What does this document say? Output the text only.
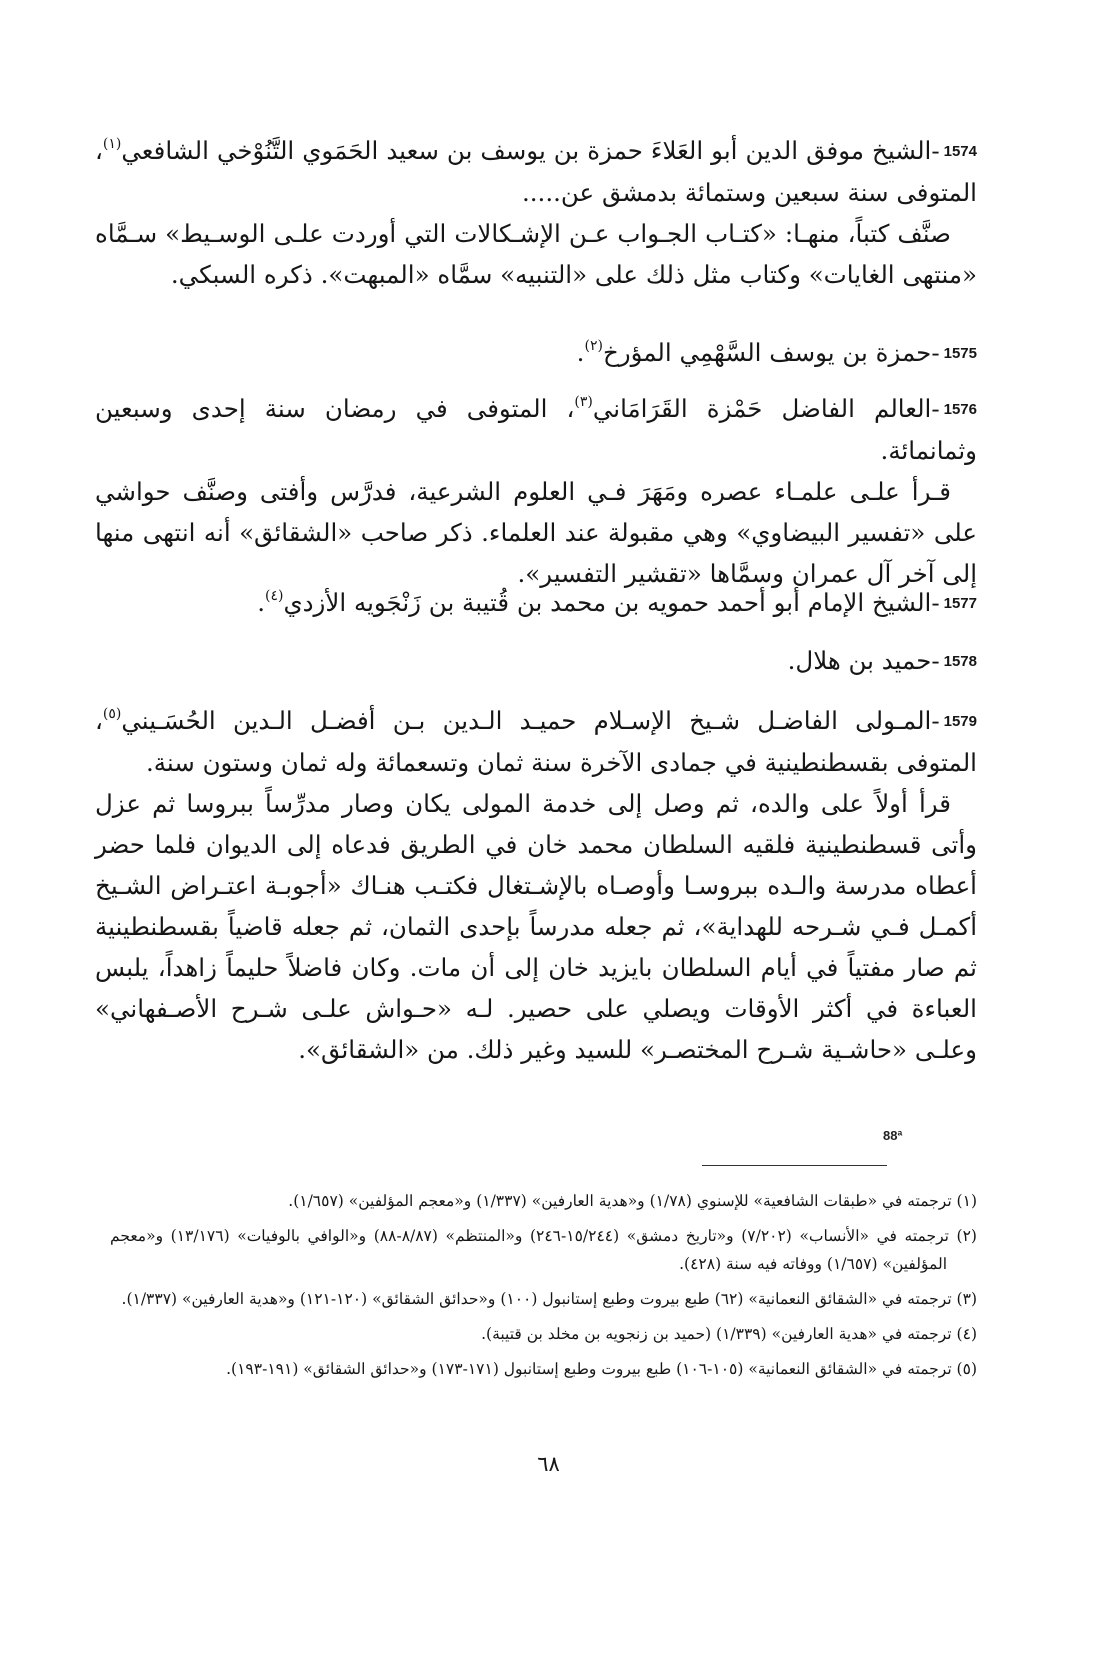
1574-الشيخ موفق الدين أبو العَلاءَ حمزة بن يوسف بن سعيد الحَمَوي التَّنُوْخي الشافعي$^{(١)}$، المتوفى سنة سبعين وستمائة بدمشق عن.....

صنَّف كتباً، منهـا: «كتـاب الجـواب عـن الإشـكالات التي أوردت علـى الوسـيط» سـمَّاه «منتهى الغايات» وكتاب مثل ذلك على «التنبيه» سمَّاه «المبهت». ذكره السبكي.

1575-حمزة بن يوسف السَّهْمِي المؤرخ$^{(٢)}$.

1576-العالم الفاضل حَمْزة القَرَامَاني$^{(٣)}$، المتوفى في رمضان سنة إحدى وسبعين وثمانمائة.

قـرأ علـى علمـاء عصره ومَهَرَ فـي العلوم الشرعية، فدرَّس وأفتى وصنَّف حواشي على «تفسير البيضاوي» وهي مقبولة عند العلماء. ذكر صاحب «الشقائق» أنه انتهى منها إلى آخر آل عمران وسمَّاها «تقشير التفسير».

1577-الشيخ الإمام أبو أحمد حمويه بن محمد بن قُتيبة بن زَنْجَويه الأزدي$^{(٤)}$.

1578-حميد بن هلال.

1579-المـولى الفاضـل شـيخ الإسـلام حميـد الـدين بـن أفضـل الـدين الحُسَـيني$^{(٥)}$، المتوفى بقسطنطينية في جمادى الآخرة سنة ثمان وتسعمائة وله ثمان وستون سنة.

قرأ أولاً على والده، ثم وصل إلى خدمة المولى يكان وصار مدرِّساً ببروسا ثم عزل وأتى قسطنطينية فلقيه السلطان محمد خان في الطريق فدعاه إلى الديوان فلما حضر أعطاه مدرسة والـده ببروسـا وأوصـاه بالإشـتغال فكتـب هنـاك «أجوبـة اعتـراض الشـيخ أكمـل فـي شـرحه للهداية»، ثم جعله مدرساً بإحدى الثمان، ثم جعله قاضياً بقسطنطينية ثم صار مفتياً في أيام السلطان بايزيد خان إلى أن مات. وكان فاضلاً حليماً زاهداً، يلبس العباءة في أكثر الأوقات ويصلي على حصير. لـه «حـواش علـى شـرح الأصـفهاني» وعلـى «حاشـية شـرح المختصـر» للسيد وغير ذلك. من «الشقائق».

88ª

(١) ترجمته في «طبقات الشافعية» للإسنوي (١/٧٨) و«هدية العارفين» (١/٣٣٧) و«معجم المؤلفين» (١/٦٥٧).

(٢) ترجمته في «الأنساب» (٧/٢٠٢) و«تاريخ دمشق» (١٥/٢٤٤-٢٤٦) و«المنتظم» (٨/٨٧-٨٨) و«الوافي بالوفيات» (١٣/١٧٦) و«معجم المؤلفين» (١/٦٥٧) ووفاته فيه سنة (٤٢٨).

(٣) ترجمته في «الشقائق النعمانية» (٦٢) طبع بيروت وطبع إستانبول (١٠٠) و«حدائق الشقائق» (١٢٠-١٢١) و«هدية العارفين» (١/٣٣٧).

(٤) ترجمته في «هدية العارفين» (١/٣٣٩) (حميد بن زنجويه بن مخلد بن قتيبة).

(٥) ترجمته في «الشقائق النعمانية» (١٠٥-١٠٦) طبع بيروت وطبع إستانبول (١٧١-١٧٣) و«حدائق الشقائق» (١٩١-١٩٣).

٦٨
